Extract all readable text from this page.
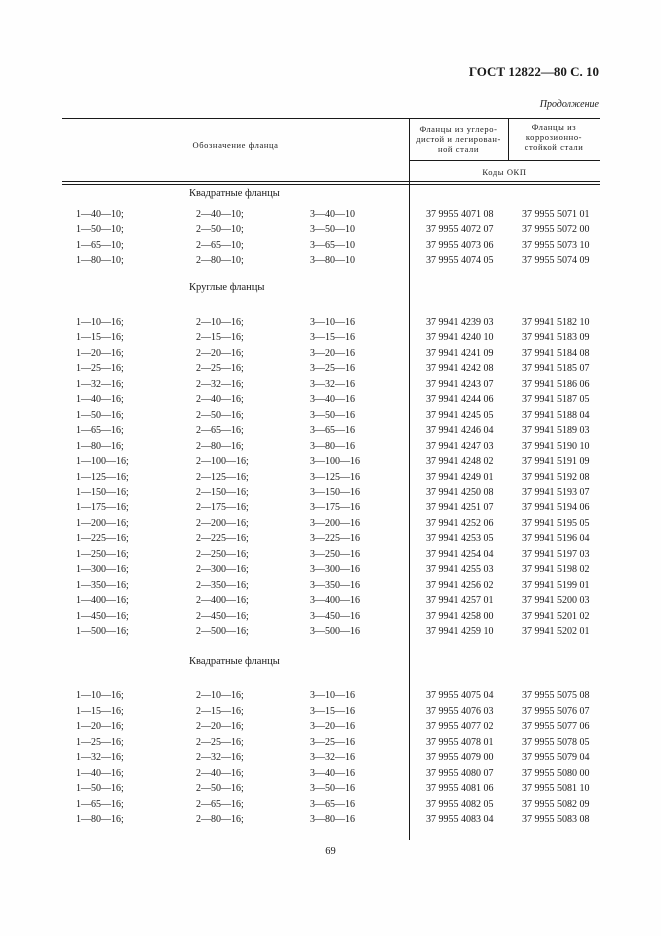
ГОСТ 12822—80 С. 10
Продолжение
Обозначение фланца
Фланцы из углеро-
дистой и легирован-
ной стали
Фланцы из
коррозионно-
стойкой стали
Коды ОКП
Квадратные фланцы
1—40—10;	2—40—10;	3—40—10	37 9955 4071 08	37 9955 5071 01
1—50—10;	2—50—10;	3—50—10	37 9955 4072 07	37 9955 5072 00
1—65—10;	2—65—10;	3—65—10	37 9955 4073 06	37 9955 5073 10
1—80—10;	2—80—10;	3—80—10	37 9955 4074 05	37 9955 5074 09
Круглые фланцы
1—10—16;	2—10—16;	3—10—16	37 9941 4239 03	37 9941 5182 10
1—15—16;	2—15—16;	3—15—16	37 9941 4240 10	37 9941 5183 09
1—20—16;	2—20—16;	3—20—16	37 9941 4241 09	37 9941 5184 08
1—25—16;	2—25—16;	3—25—16	37 9941 4242 08	37 9941 5185 07
1—32—16;	2—32—16;	3—32—16	37 9941 4243 07	37 9941 5186 06
1—40—16;	2—40—16;	3—40—16	37 9941 4244 06	37 9941 5187 05
1—50—16;	2—50—16;	3—50—16	37 9941 4245 05	37 9941 5188 04
1—65—16;	2—65—16;	3—65—16	37 9941 4246 04	37 9941 5189 03
1—80—16;	2—80—16;	3—80—16	37 9941 4247 03	37 9941 5190 10
1—100—16;	2—100—16;	3—100—16	37 9941 4248 02	37 9941 5191 09
1—125—16;	2—125—16;	3—125—16	37 9941 4249 01	37 9941 5192 08
1—150—16;	2—150—16;	3—150—16	37 9941 4250 08	37 9941 5193 07
1—175—16;	2—175—16;	3—175—16	37 9941 4251 07	37 9941 5194 06
1—200—16;	2—200—16;	3—200—16	37 9941 4252 06	37 9941 5195 05
1—225—16;	2—225—16;	3—225—16	37 9941 4253 05	37 9941 5196 04
1—250—16;	2—250—16;	3—250—16	37 9941 4254 04	37 9941 5197 03
1—300—16;	2—300—16;	3—300—16	37 9941 4255 03	37 9941 5198 02
1—350—16;	2—350—16;	3—350—16	37 9941 4256 02	37 9941 5199 01
1—400—16;	2—400—16;	3—400—16	37 9941 4257 01	37 9941 5200 03
1—450—16;	2—450—16;	3—450—16	37 9941 4258 00	37 9941 5201 02
1—500—16;	2—500—16;	3—500—16	37 9941 4259 10	37 9941 5202 01
Квадратные фланцы
1—10—16;	2—10—16;	3—10—16	37 9955 4075 04	37 9955 5075 08
1—15—16;	2—15—16;	3—15—16	37 9955 4076 03	37 9955 5076 07
1—20—16;	2—20—16;	3—20—16	37 9955 4077 02	37 9955 5077 06
1—25—16;	2—25—16;	3—25—16	37 9955 4078 01	37 9955 5078 05
1—32—16;	2—32—16;	3—32—16	37 9955 4079 00	37 9955 5079 04
1—40—16;	2—40—16;	3—40—16	37 9955 4080 07	37 9955 5080 00
1—50—16;	2—50—16;	3—50—16	37 9955 4081 06	37 9955 5081 10
1—65—16;	2—65—16;	3—65—16	37 9955 4082 05	37 9955 5082 09
1—80—16;	2—80—16;	3—80—16	37 9955 4083 04	37 9955 5083 08
69
